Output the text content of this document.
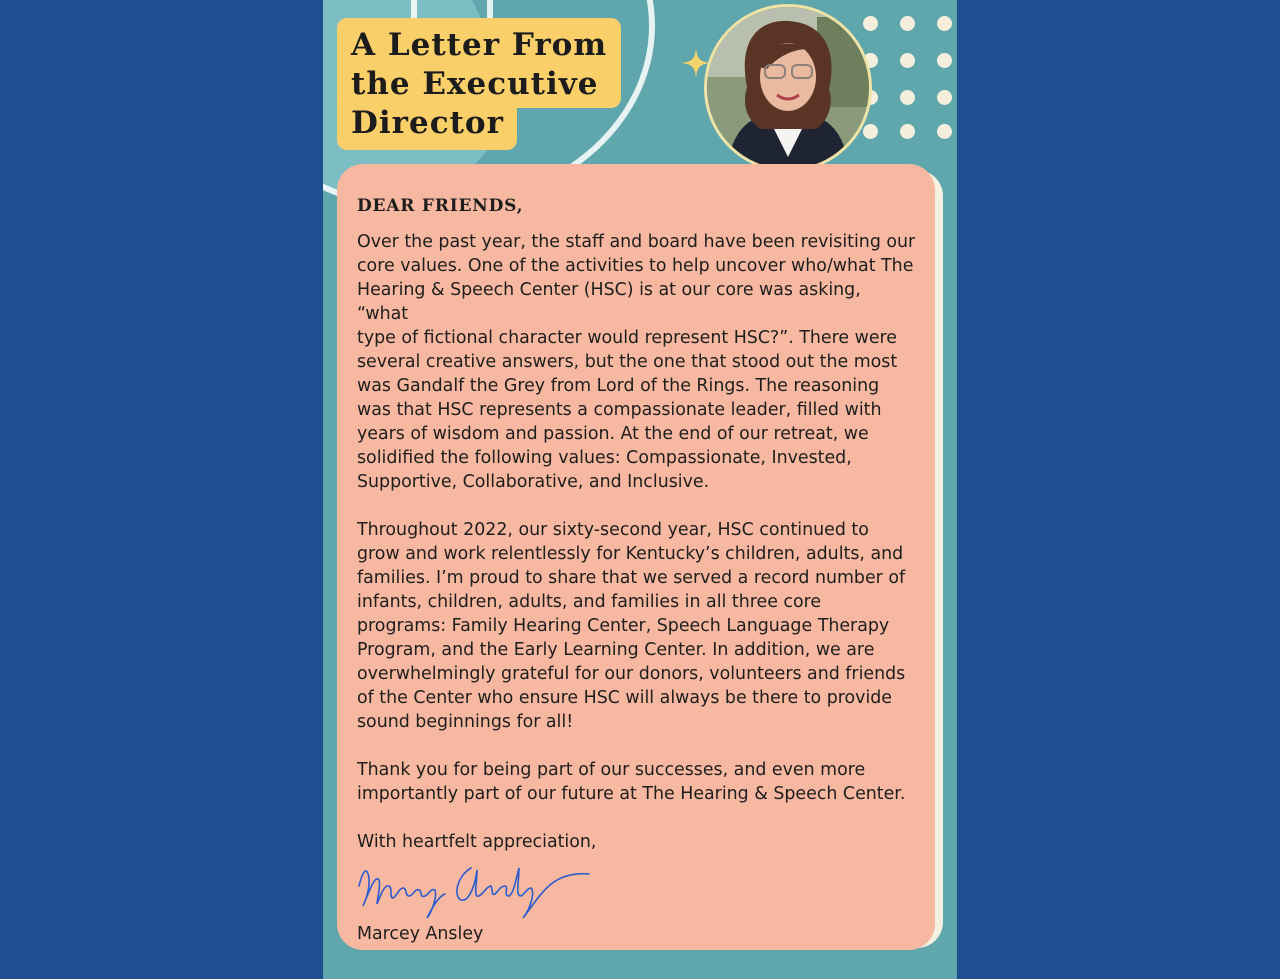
A Letter From
the Executive
Director

DEAR FRIENDS,

Over the past year, the staff and board have been revisiting our
core values. One of the activities to help uncover who/what The
Hearing & Speech Center (HSC) is at our core was asking, “what
type of fictional character would represent HSC?”. There were
several creative answers, but the one that stood out the most
was Gandalf the Grey from Lord of the Rings. The reasoning
was that HSC represents a compassionate leader, filled with
years of wisdom and passion. At the end of our retreat, we
solidified the following values: Compassionate, Invested,
Supportive, Collaborative, and Inclusive.

Throughout 2022, our sixty-second year, HSC continued to
grow and work relentlessly for Kentucky’s children, adults, and
families. I’m proud to share that we served a record number of
infants, children, adults, and families in all three core
programs: Family Hearing Center, Speech Language Therapy
Program, and the Early Learning Center. In addition, we are
overwhelmingly grateful for our donors, volunteers and friends
of the Center who ensure HSC will always be there to provide
sound beginnings for all!

Thank you for being part of our successes, and even more
importantly part of our future at The Hearing & Speech Center.

With heartfelt appreciation,

Marcey Ansley
